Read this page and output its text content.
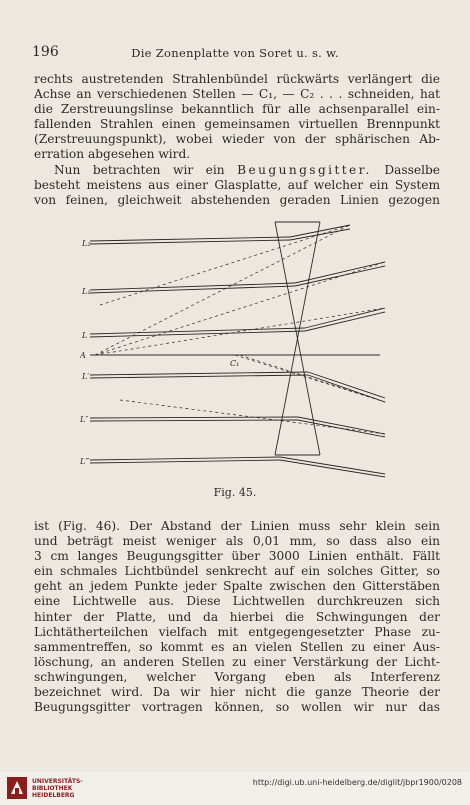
196	Die Zonenplatte von Soret u. s. w.
rechts austretenden Strahlenbündel rückwärts verlängert die
Achse an verschiedenen Stellen — C₁, — C₂ . . . schneiden, hat
die Zerstreuungslinse bekanntlich für alle achsenparallel ein-
fallenden Strahlen einen gemeinsamen virtuellen Brennpunkt
(Zerstreuungspunkt), wobei wieder von der sphärischen Ab-
erration abgesehen wird.
Nun betrachten wir ein Beugungsgitter. Dasselbe
besteht meistens aus einer Glasplatte, auf welcher ein System
von feinen, gleichweit abstehenden geraden Linien gezogen
L₂
L₁
L
A
L′
L″
L‴
C₁
Fig. 45.
ist (Fig. 46). Der Abstand der Linien muss sehr klein sein
und beträgt meist weniger als 0,01 mm, so dass also ein
3 cm langes Beugungsgitter über 3000 Linien enthält. Fällt
ein schmales Lichtbündel senkrecht auf ein solches Gitter, so
geht an jedem Punkte jeder Spalte zwischen den Gitterstäben
eine Lichtwelle aus. Diese Lichtwellen durchkreuzen sich
hinter der Platte, und da hierbei die Schwingungen der
Lichtätherteilchen vielfach mit entgegengesetzter Phase zu-
sammentreffen, so kommt es an vielen Stellen zu einer Aus-
löschung, an anderen Stellen zu einer Verstärkung der Licht-
schwingungen, welcher Vorgang eben als Interferenz
bezeichnet wird. Da wir hier nicht die ganze Theorie der
Beugungsgitter vortragen können, so wollen wir nur das
UNIVERSITÄTS-
BIBLIOTHEK
HEIDELBERG
http://digi.ub.uni-heidelberg.de/diglit/jbpr1900/0208
